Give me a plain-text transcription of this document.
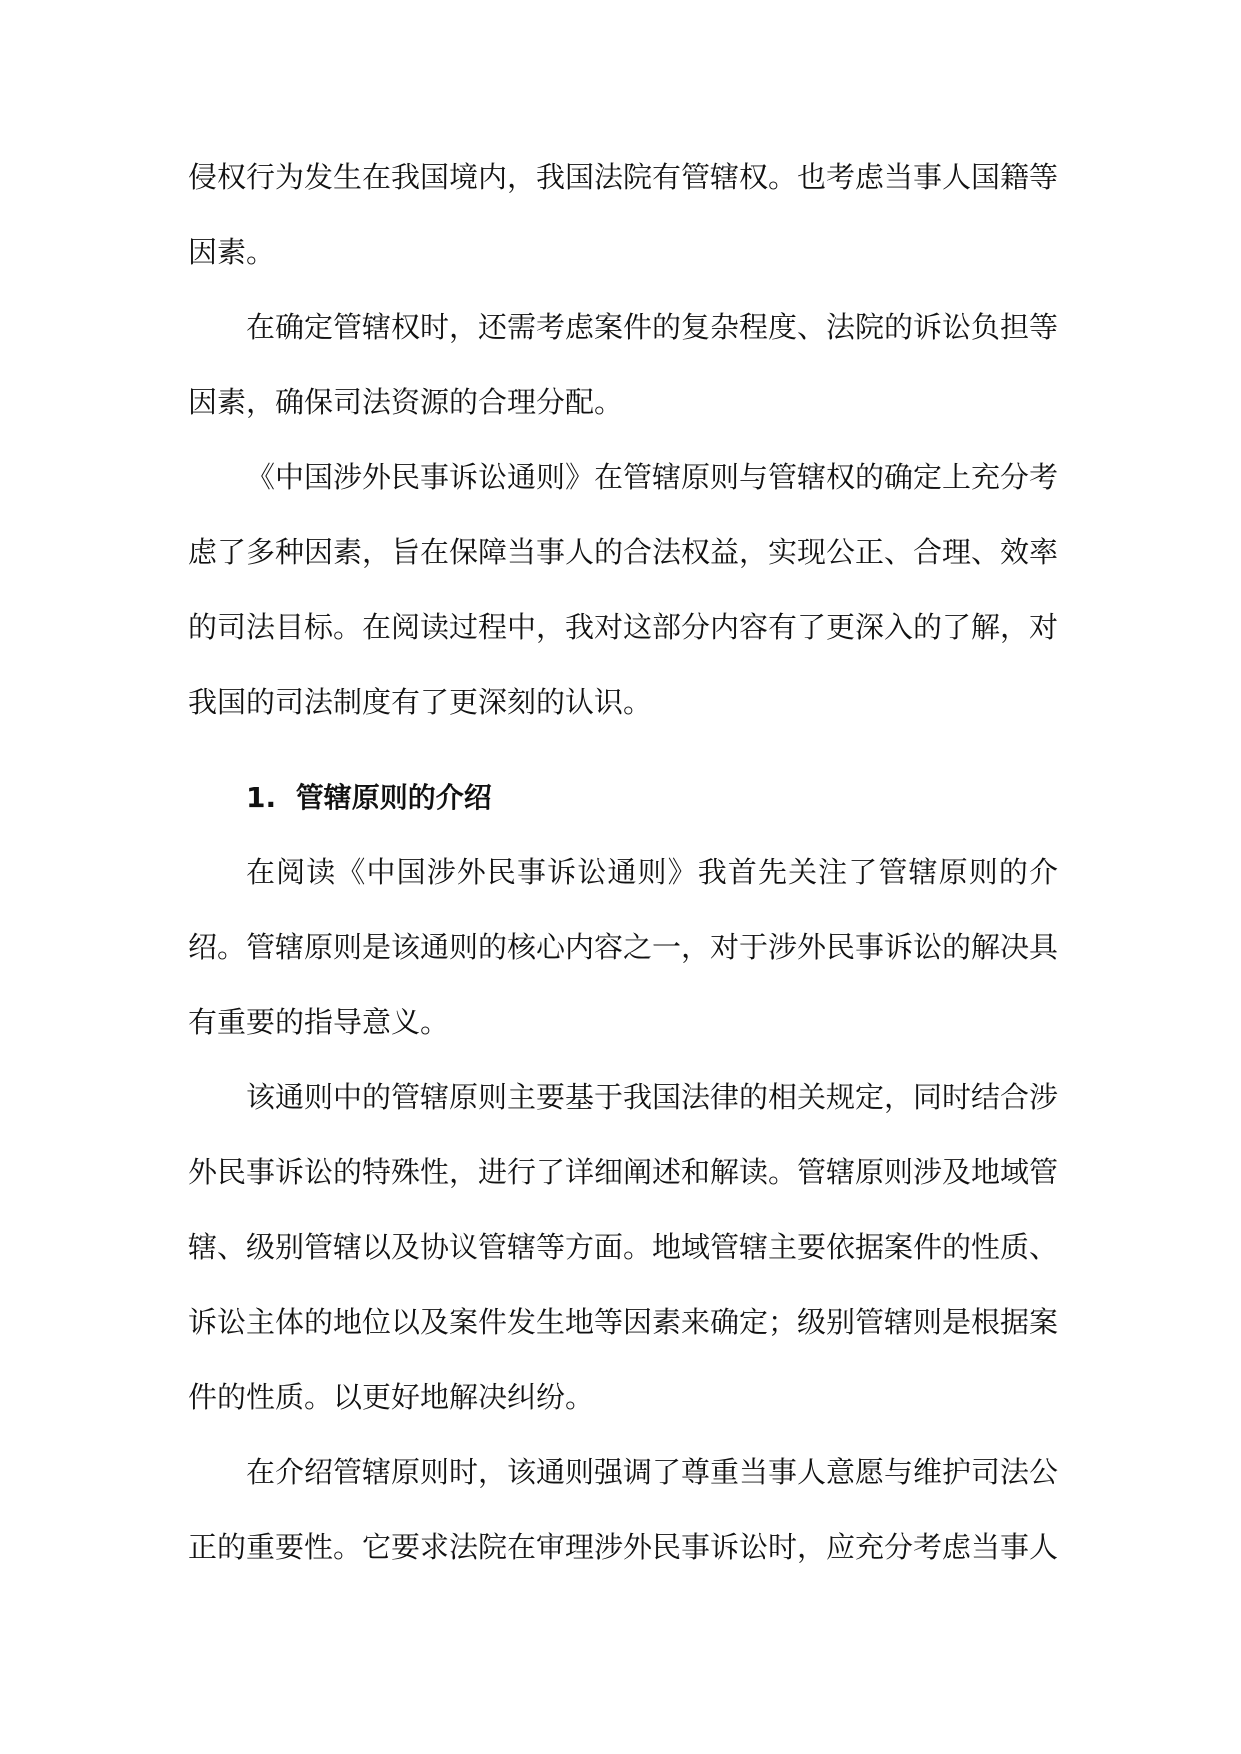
侵权行为发生在我国境内，我国法院有管辖权。也考虑当事人国籍等因素。

在确定管辖权时，还需考虑案件的复杂程度、法院的诉讼负担等因素，确保司法资源的合理分配。

《中国涉外民事诉讼通则》在管辖原则与管辖权的确定上充分考虑了多种因素，旨在保障当事人的合法权益，实现公正、合理、效率的司法目标。在阅读过程中，我对这部分内容有了更深入的了解，对我国的司法制度有了更深刻的认识。

1. 管辖原则的介绍

在阅读《中国涉外民事诉讼通则》我首先关注了管辖原则的介绍。管辖原则是该通则的核心内容之一，对于涉外民事诉讼的解决具有重要的指导意义。

该通则中的管辖原则主要基于我国法律的相关规定，同时结合涉外民事诉讼的特殊性，进行了详细阐述和解读。管辖原则涉及地域管辖、级别管辖以及协议管辖等方面。地域管辖主要依据案件的性质、诉讼主体的地位以及案件发生地等因素来确定；级别管辖则是根据案件的性质。以更好地解决纠纷。

在介绍管辖原则时，该通则强调了尊重当事人意愿与维护司法公正的重要性。它要求法院在审理涉外民事诉讼时，应充分考虑当事人
